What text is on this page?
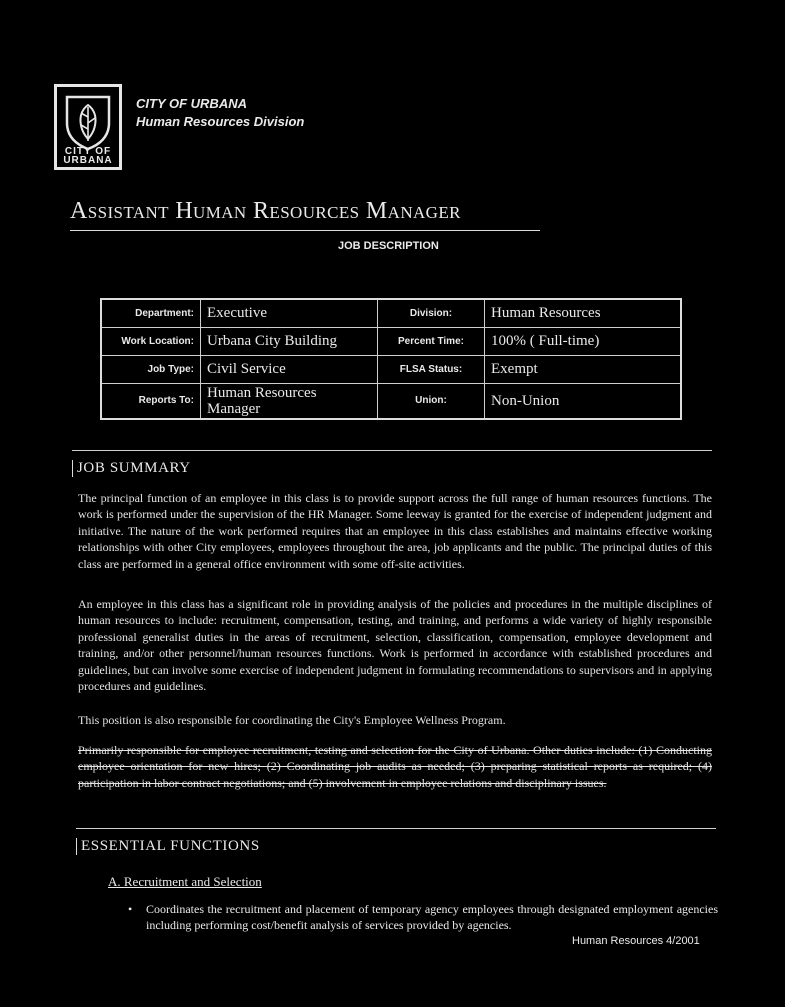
CITY OF URBANA
CITY OF URBANA
Human Resources Division
Assistant Human Resources Manager
JOB DESCRIPTION
Department:	Executive	Division:	Human Resources
Work Location:	Urbana City Building	Percent Time:	100% ( Full-time)
Job Type:	Civil Service	FLSA Status:	Exempt
Reports To:	Human Resources Manager	Union:	Non-Union
JOB SUMMARY
The principal function of an employee in this class is to provide support across the full range of human resources functions. The work is performed under the supervision of the HR Manager. Some leeway is granted for the exercise of independent judgment and initiative. The nature of the work performed requires that an employee in this class establishes and maintains effective working relationships with other City employees, employees throughout the area, job applicants and the public. The principal duties of this class are performed in a general office environment with some off-site activities.
An employee in this class has a significant role in providing analysis of the policies and procedures in the multiple disciplines of human resources to include: recruitment, compensation, testing, and training, and performs a wide variety of highly responsible professional generalist duties in the areas of recruitment, selection, classification, compensation, employee development and training, and/or other personnel/human resources functions. Work is performed in accordance with established procedures and guidelines, but can involve some exercise of independent judgment in formulating recommendations to supervisors and in applying procedures and guidelines.
This position is also responsible for coordinating the City's Employee Wellness Program.
Primarily responsible for employee recruitment, testing and selection for the City of Urbana. Other duties include: (1) Conducting employee orientation for new hires; (2) Coordinating job audits as needed; (3) preparing statistical reports as required; (4) participation in labor contract negotiations; and (5) involvement in employee relations and disciplinary issues.
ESSENTIAL FUNCTIONS
A. Recruitment and Selection
• Coordinates the recruitment and placement of temporary agency employees through designated employment agencies including performing cost/benefit analysis of services provided by agencies.
Human Resources 4/2001
